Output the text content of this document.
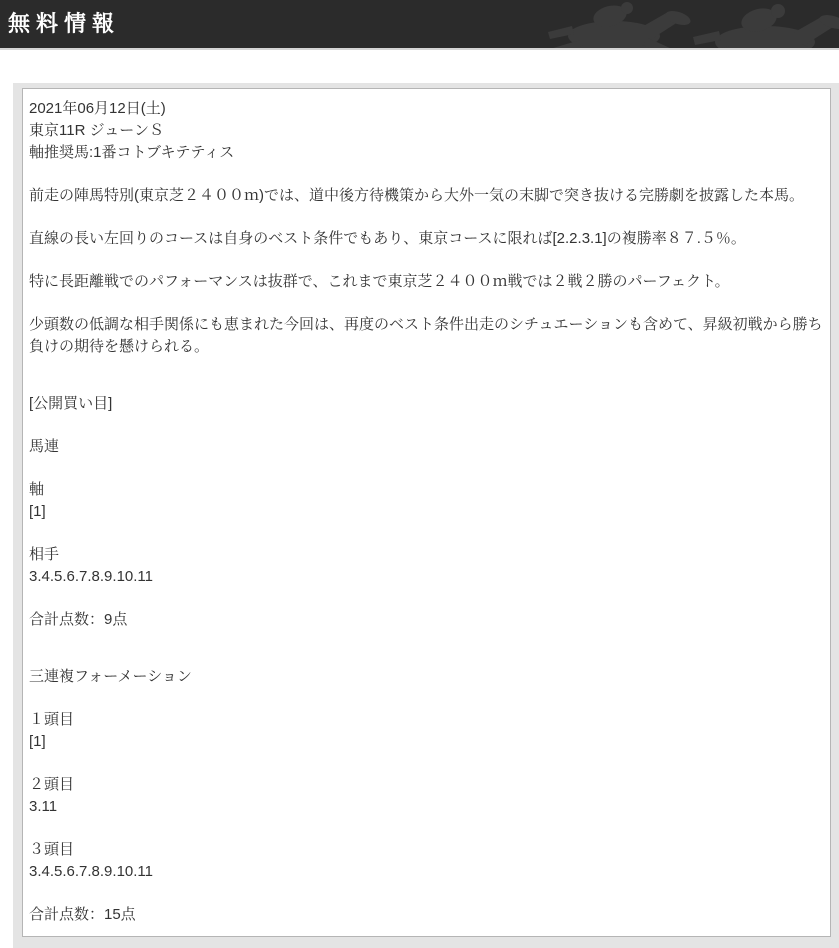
無料情報
2021年06月12日(土)
東京11R ジューンＳ
軸推奨馬:1番コトブキテティス

前走の陣馬特別(東京芝２４００ｍ)では、道中後方待機策から大外一気の末脚で突き抜ける完勝劇を披露した本馬。

直線の長い左回りのコースは自身のベスト条件でもあり、東京コースに限れば[2.2.3.1]の複勝率８７.５％。

特に長距離戦でのパフォーマンスは抜群で、これまで東京芝２４００ｍ戦では２戦２勝のパーフェクト。

少頭数の低調な相手関係にも恵まれた今回は、再度のベスト条件出走のシチュエーションも含めて、昇級初戦から勝ち負けの期待を懸けられる。

[公開買い目]
馬連
軸
[1]
相手
3.4.5.6.7.8.9.10.11
合計点数：9点
三連複フォーメーション
１頭目
[1]
２頭目
3.11
３頭目
3.4.5.6.7.8.9.10.11
合計点数：15点
